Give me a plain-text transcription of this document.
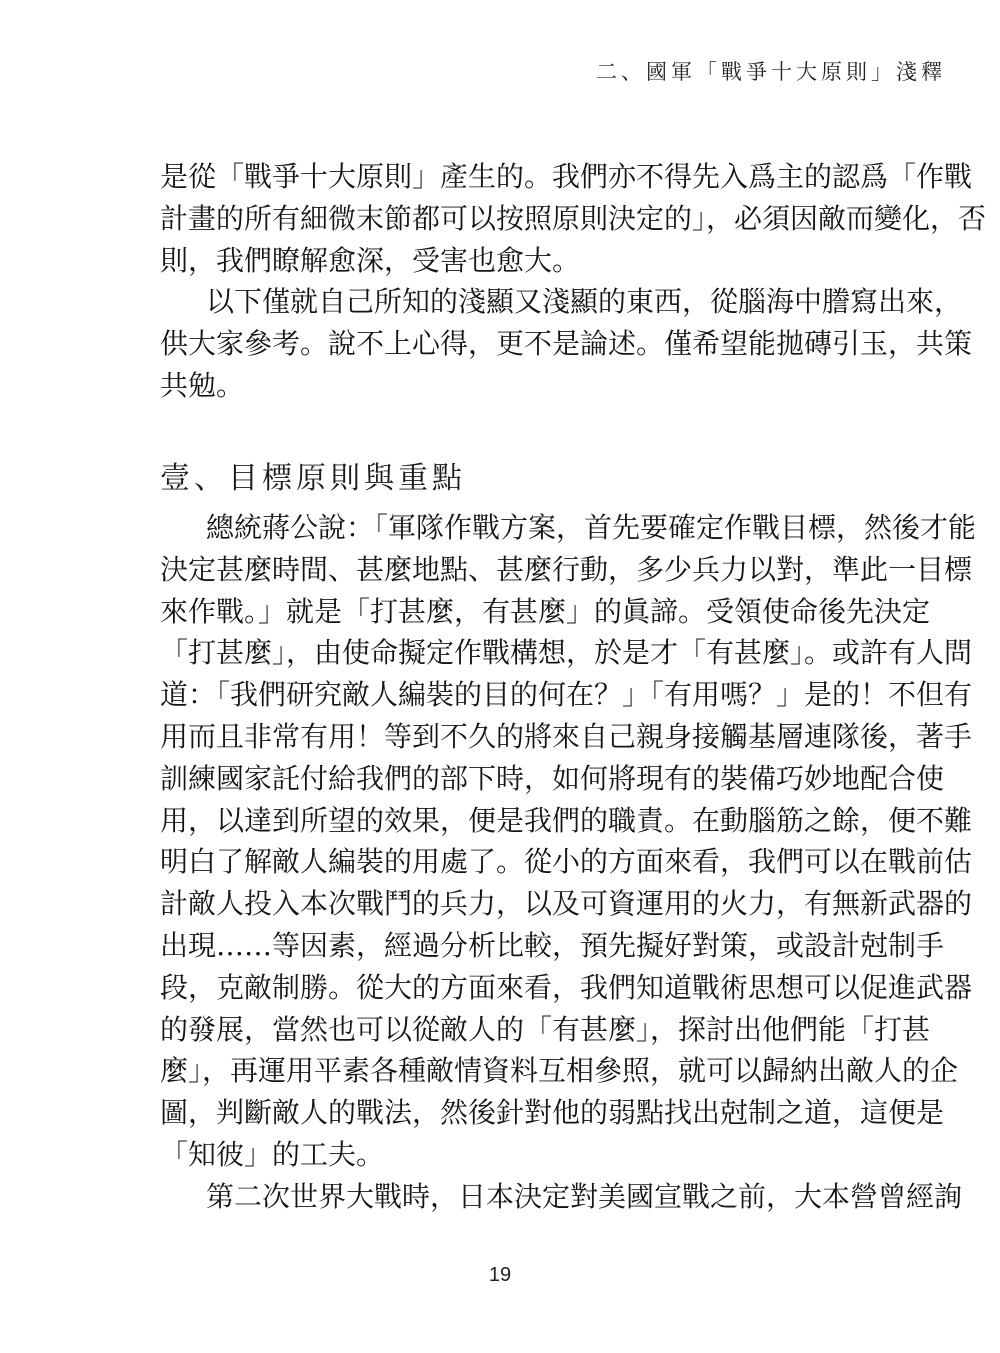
二、國軍「戰爭十大原則」淺釋
是從「戰爭十大原則」產生的。我們亦不得先入爲主的認爲「作戰
計畫的所有細微末節都可以按照原則決定的」，必須因敵而變化，否
則，我們瞭解愈深，受害也愈大。
以下僅就自己所知的淺顯又淺顯的東西，從腦海中謄寫出來，
供大家參考。說不上心得，更不是論述。僅希望能拋磚引玉，共策
共勉。
壹、目標原則與重點
總統蔣公說：「軍隊作戰方案，首先要確定作戰目標，然後才能
決定甚麼時間、甚麼地點、甚麼行動，多少兵力以對，準此一目標
來作戰。」就是「打甚麼，有甚麼」的眞諦。受領使命後先決定
「打甚麼」，由使命擬定作戰構想，於是才「有甚麼」。或許有人問
道：「我們研究敵人編裝的目的何在？」「有用嗎？」是的！不但有
用而且非常有用！等到不久的將來自己親身接觸基層連隊後，著手
訓練國家託付給我們的部下時，如何將現有的裝備巧妙地配合使
用，以達到所望的效果，便是我們的職責。在動腦筋之餘，便不難
明白了解敵人編裝的用處了。從小的方面來看，我們可以在戰前估
計敵人投入本次戰鬥的兵力，以及可資運用的火力，有無新武器的
出現……等因素，經過分析比較，預先擬好對策，或設計尅制手
段，克敵制勝。從大的方面來看，我們知道戰術思想可以促進武器
的發展，當然也可以從敵人的「有甚麼」，探討出他們能「打甚
麼」，再運用平素各種敵情資料互相參照，就可以歸納出敵人的企
圖，判斷敵人的戰法，然後針對他的弱點找出尅制之道，這便是
「知彼」的工夫。
第二次世界大戰時，日本決定對美國宣戰之前，大本營曾經詢
19
